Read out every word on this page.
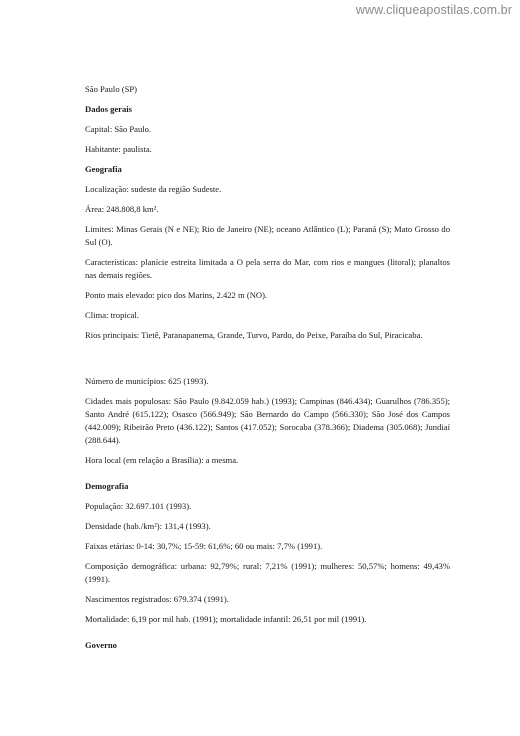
www.cliqueapostilas.com.br

São Paulo (SP)

Dados gerais

Capital: São Paulo.

Habitante: paulista.

Geografia

Localização: sudeste da região Sudeste.

Área: 248.808,8 km².

Limites: Minas Gerais (N e NE); Rio de Janeiro (NE); oceano Atlântico (L); Paraná (S); Mato Grosso do Sul (O).

Características: planície estreita limitada a O pela serra do Mar, com rios e mangues (litoral); planaltos nas demais regiões.

Ponto mais elevado: pico dos Marins, 2.422 m (NO).

Clima: tropical.

Rios principais: Tietê, Paranapanema, Grande, Turvo, Pardo, do Peixe, Paraíba do Sul, Piracicaba.

Número de municípios: 625 (1993).

Cidades mais populosas: São Paulo (9.842.059 hab.) (1993); Campinas (846.434); Guarulhos (786.355); Santo André (615.122); Osasco (566.949); São Bernardo do Campo (566.330); São José dos Campos (442.009); Ribeirão Preto (436.122); Santos (417.052); Sorocaba (378.366); Diadema (305.068); Jundiaí (288.644).

Hora local (em relação a Brasília): a mesma.

Demografia

População: 32.697.101 (1993).

Densidade (hab./km²): 131,4 (1993).

Faixas etárias: 0-14: 30,7%; 15-59: 61,6%; 60 ou mais: 7,7% (1991).

Composição demográfica: urbana: 92,79%; rural: 7,21% (1991); mulheres: 50,57%; homens: 49,43% (1991).

Nascimentos registrados: 679.374 (1991).

Mortalidade: 6,19 por mil hab. (1991); mortalidade infantil: 26,51 por mil (1991).

Governo
